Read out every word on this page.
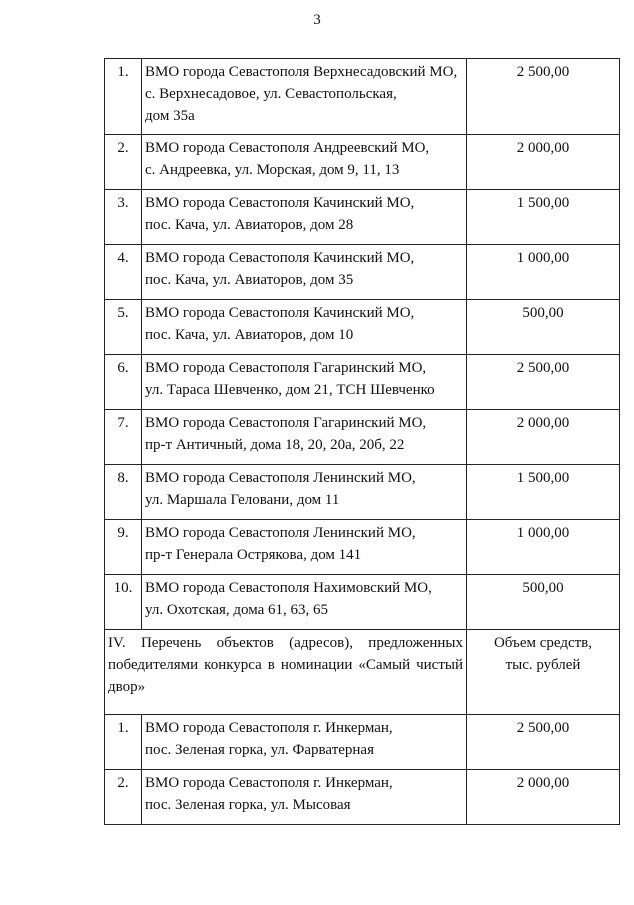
3
1.	ВМО города Севастополя Верхнесадовский МО,
с. Верхнесадовое, ул. Севастопольская,
дом 35а	2 500,00
2.	ВМО города Севастополя Андреевский МО,
с. Андреевка, ул. Морская, дом 9, 11, 13	2 000,00
3.	ВМО города Севастополя Качинский МО,
пос. Кача, ул. Авиаторов, дом 28	1 500,00
4.	ВМО города Севастополя Качинский МО,
пос. Кача, ул. Авиаторов, дом 35	1 000,00
5.	ВМО города Севастополя Качинский МО,
пос. Кача, ул. Авиаторов, дом 10	500,00
6.	ВМО города Севастополя Гагаринский МО,
ул. Тараса Шевченко, дом 21, ТСН Шевченко	2 500,00
7.	ВМО города Севастополя Гагаринский МО,
пр-т Античный, дома 18, 20, 20а, 20б, 22	2 000,00
8.	ВМО города Севастополя Ленинский МО,
ул. Маршала Геловани, дом 11	1 500,00
9.	ВМО города Севастополя Ленинский МО,
пр-т Генерала Острякова, дом 141	1 000,00
10.	ВМО города Севастополя Нахимовский МО,
ул. Охотская, дома 61, 63, 65	500,00
IV. Перечень объектов (адресов), предложенных победителями конкурса в номинации «Самый чистый двор»		Объем средств,
тыс. рублей

1.	ВМО города Севастополя г. Инкерман,
пос. Зеленая горка, ул. Фарватерная	2 500,00
2.	ВМО города Севастополя г. Инкерман,
пос. Зеленая горка, ул. Мысовая	2 000,00
